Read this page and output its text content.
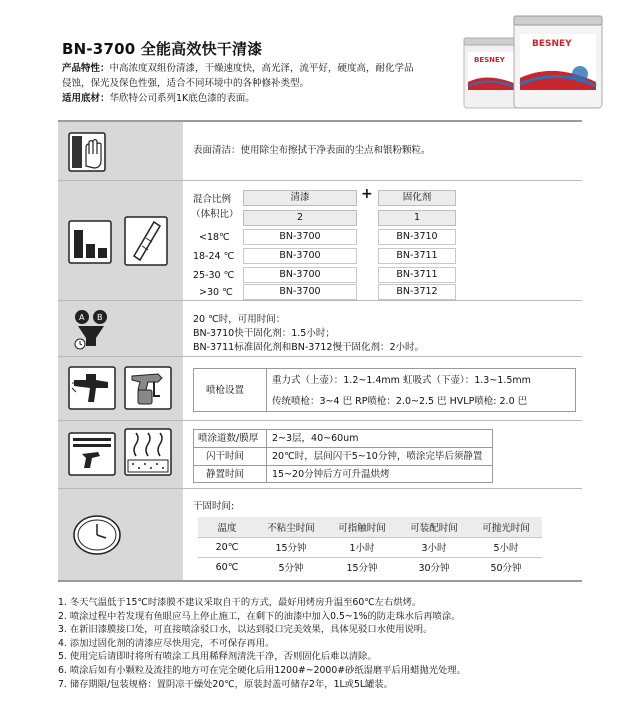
BN-3700 全能高效快干清漆
产品特性：中高浓度双组份清漆，干燥速度快，高光泽，流平好，硬度高，耐化学品侵蚀，保光及保色性强，适合不同环境中的各种修补类型。
适用底材：华欣特公司系列1K底色漆的表面。
BESNEY
BESNEY
表面清洁：使用除尘布擦拭干净表面的尘点和银粉颗粒。
混合比例
（体积比）
清漆	+	固化剂
2	1
<18℃	BN-3700	BN-3710
18-24 ℃	BN-3700	BN-3711
25-30 ℃	BN-3700	BN-3711
>30 ℃	BN-3700	BN-3712
A B	20 ℃时，可用时间：
BN-3710快干固化剂：1.5小时；
BN-3711标准固化剂和BN-3712慢干固化剂：2小时。
喷枪设置
重力式（上壶）：1.2~1.4mm 虹吸式（下壶）：1.3~1.5mm
传统喷枪：3~4 巴 RP喷枪：2.0~2.5 巴 HVLP喷枪: 2.0 巴
喷涂道数/膜厚 2~3层，40~60um
闪干时间	20℃时，层间闪干5~10分钟，喷涂完毕后须静置
静置时间	15~20分钟后方可升温烘烤
干固时间:
温度	不粘尘时间	可指触时间	可装配时间	可抛光时间
20℃	15分钟	1小时	3小时	5小时
60℃	5分钟	15分钟	30分钟	50分钟
1. 冬天气温低于15℃时漆膜不建议采取自干的方式，最好用烤房升温至60℃左右烘烤。
2. 喷涂过程中若发现有鱼眼应马上停止施工，在剩下的油漆中加入0.5~1%的防走珠水后再喷涂。
3. 在新旧漆膜接口处，可直接喷涂驳口水，以达到驳口完美效果，具体见驳口水使用说明。
4. 添加过固化剂的清漆应尽快用完，不可保存再用。
5. 使用完后请即时将所有喷涂工具用稀释剂清洗干净，否则固化后难以清除。
6. 喷涂后如有小颗粒及流挂的地方可在完全硬化后用1200#~2000#砂纸湿磨平后用蜡抛光处理。
7. 储存期限/包装规格：置阴凉干燥处20℃，原装封盖可储存2年，1L或5L罐装。
